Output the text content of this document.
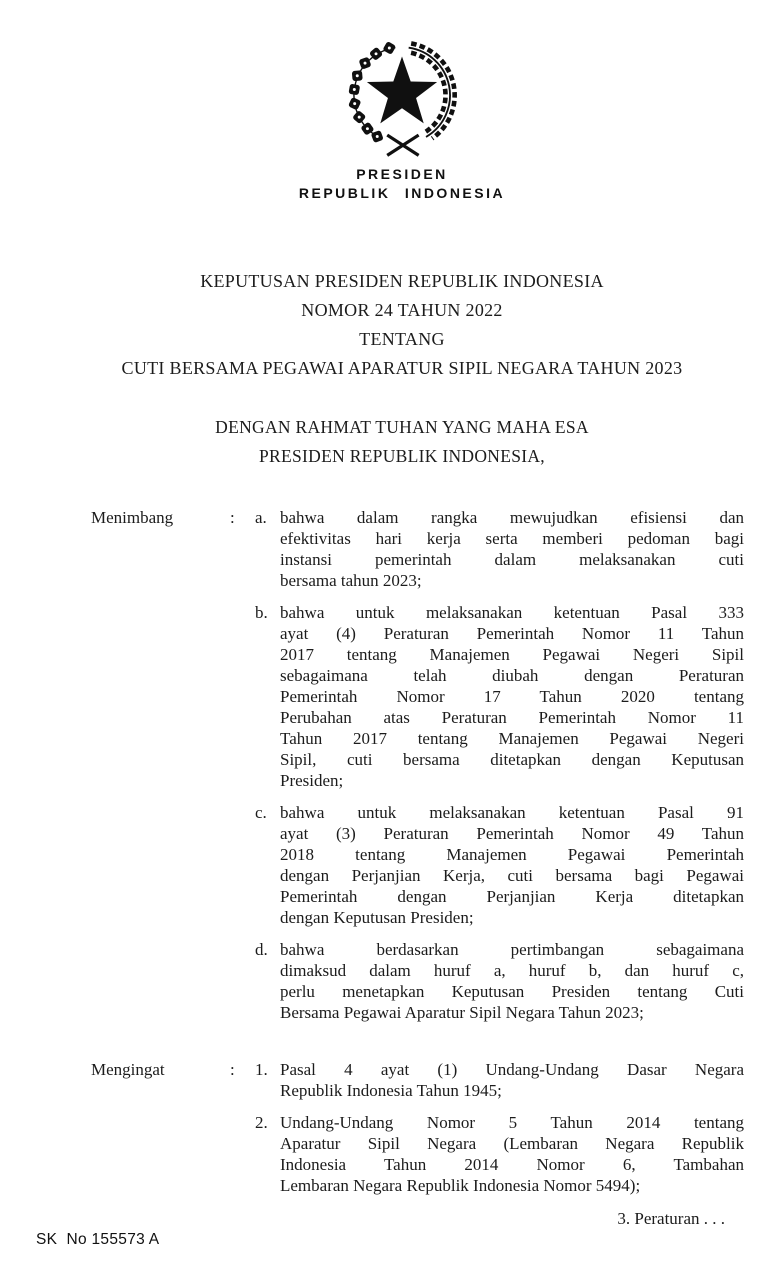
PRESIDEN
REPUBLIK INDONESIA
KEPUTUSAN PRESIDEN REPUBLIK INDONESIA
NOMOR 24 TAHUN 2022
TENTANG
CUTI BERSAMA PEGAWAI APARATUR SIPIL NEGARA TAHUN 2023
DENGAN RAHMAT TUHAN YANG MAHA ESA
PRESIDEN REPUBLIK INDONESIA,
Menimbang	:	a. bahwa dalam rangka mewujudkan efisiensi dan
efektivitas hari kerja serta memberi pedoman bagi
instansi pemerintah dalam melaksanakan cuti
bersama tahun 2023;
b. bahwa untuk melaksanakan ketentuan Pasal 333
ayat (4) Peraturan Pemerintah Nomor 11 Tahun
2017 tentang Manajemen Pegawai Negeri Sipil
sebagaimana telah diubah dengan Peraturan
Pemerintah Nomor 17 Tahun 2020 tentang
Perubahan atas Peraturan Pemerintah Nomor 11
Tahun 2017 tentang Manajemen Pegawai Negeri
Sipil, cuti bersama ditetapkan dengan Keputusan
Presiden;
c. bahwa untuk melaksanakan ketentuan Pasal 91
ayat (3) Peraturan Pemerintah Nomor 49 Tahun
2018 tentang Manajemen Pegawai Pemerintah
dengan Perjanjian Kerja, cuti bersama bagi Pegawai
Pemerintah dengan Perjanjian Kerja ditetapkan
dengan Keputusan Presiden;
d. bahwa berdasarkan pertimbangan sebagaimana
dimaksud dalam huruf a, huruf b, dan huruf c,
perlu menetapkan Keputusan Presiden tentang Cuti
Bersama Pegawai Aparatur Sipil Negara Tahun 2023;
Mengingat	:	1. Pasal 4 ayat (1) Undang-Undang Dasar Negara
Republik Indonesia Tahun 1945;
2. Undang-Undang Nomor 5 Tahun 2014 tentang
Aparatur Sipil Negara (Lembaran Negara Republik
Indonesia Tahun 2014 Nomor 6, Tambahan
Lembaran Negara Republik Indonesia Nomor 5494);
3. Peraturan . . .
SK  No 155573 A
